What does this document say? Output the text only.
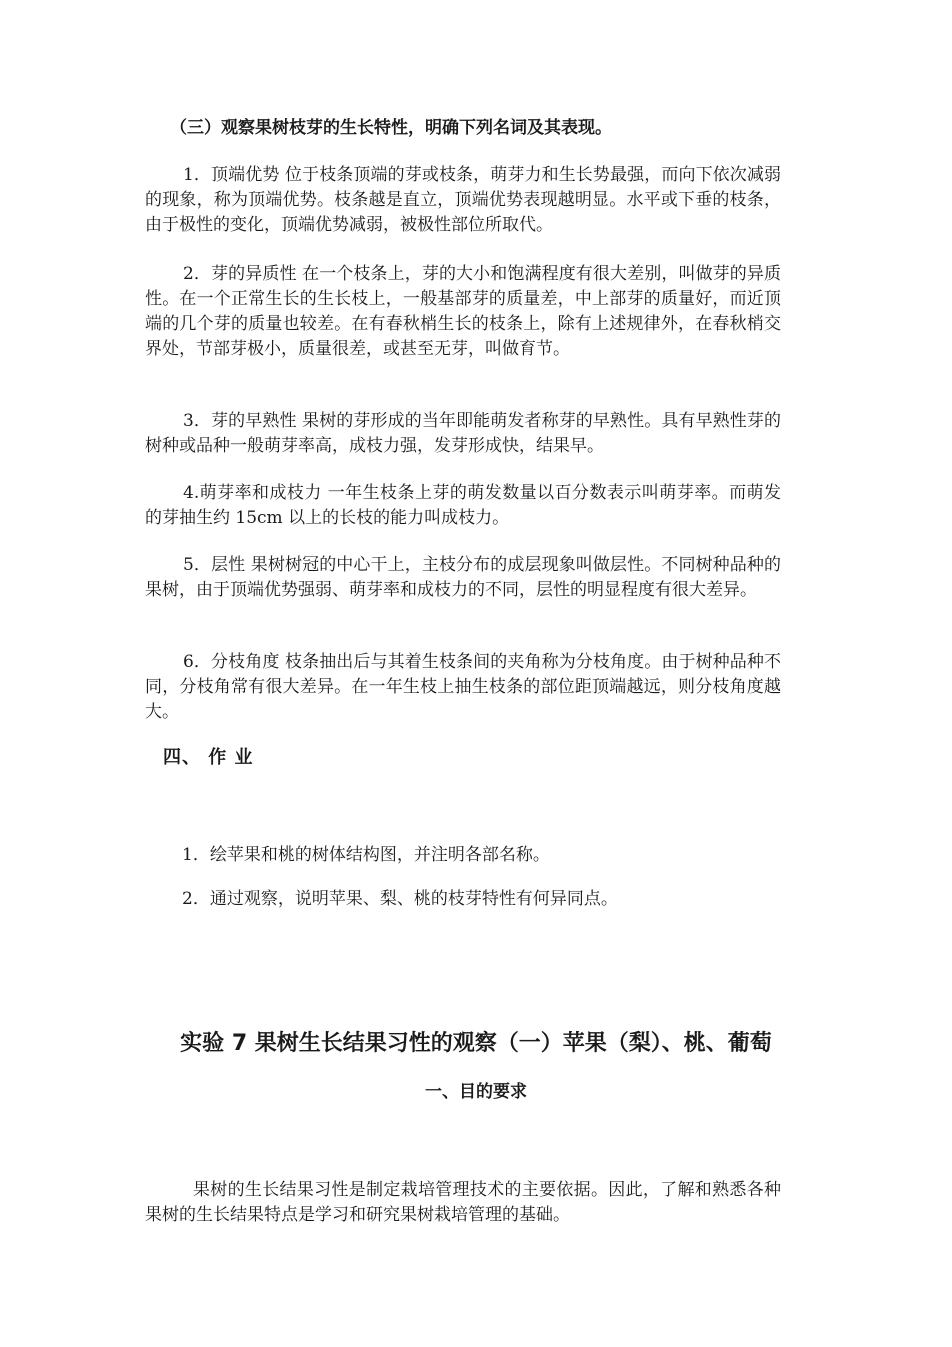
（三）观察果树枝芽的生长特性，明确下列名词及其表现。

1．顶端优势 位于枝条顶端的芽或枝条，萌芽力和生长势最强，而向下依次减弱的现象，称为顶端优势。枝条越是直立，顶端优势表现越明显。水平或下垂的枝条，由于极性的变化，顶端优势减弱，被极性部位所取代。

2．芽的异质性 在一个枝条上，芽的大小和饱满程度有很大差别，叫做芽的异质性。在一个正常生长的生长枝上，一般基部芽的质量差，中上部芽的质量好，而近顶端的几个芽的质量也较差。在有春秋梢生长的枝条上，除有上述规律外，在春秋梢交界处，节部芽极小，质量很差，或甚至无芽，叫做育节。

3．芽的早熟性 果树的芽形成的当年即能萌发者称芽的早熟性。具有早熟性芽的树种或品种一般萌芽率高，成枝力强，发芽形成快，结果早。

4.萌芽率和成枝力 一年生枝条上芽的萌发数量以百分数表示叫萌芽率。而萌发的芽抽生约 15cm 以上的长枝的能力叫成枝力。

5．层性 果树树冠的中心干上，主枝分布的成层现象叫做层性。不同树种品种的果树，由于顶端优势强弱、萌芽率和成枝力的不同，层性的明显程度有很大差异。

6．分枝角度 枝条抽出后与其着生枝条间的夹角称为分枝角度。由于树种品种不同，分枝角常有很大差异。在一年生枝上抽生枝条的部位距顶端越远，则分枝角度越大。

四、 作 业

1．绘苹果和桃的树体结构图，并注明各部名称。

2．通过观察，说明苹果、梨、桃的枝芽特性有何异同点。

实验 7 果树生长结果习性的观察（一）苹果（梨）、桃、葡萄
一、目的要求

果树的生长结果习性是制定栽培管理技术的主要依据。因此，了解和熟悉各种果树的生长结果特点是学习和研究果树栽培管理的基础。
